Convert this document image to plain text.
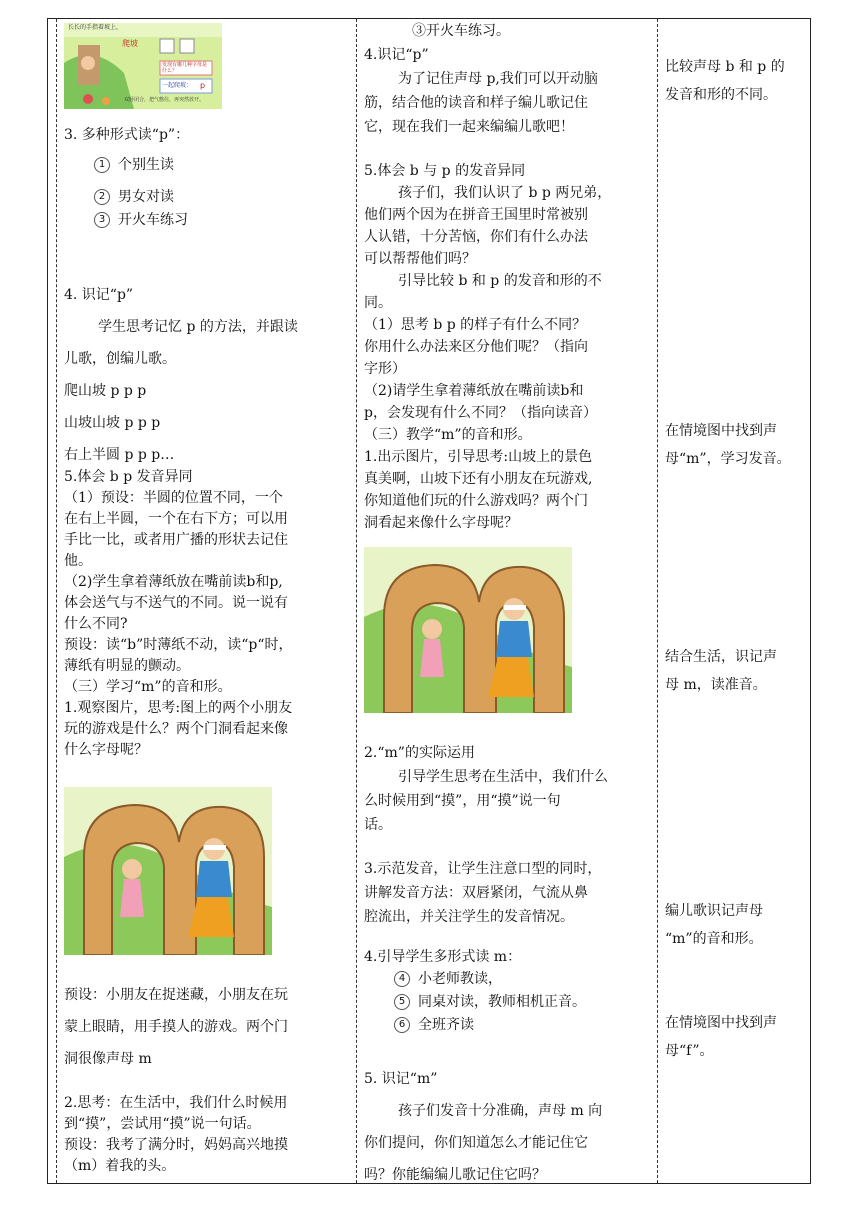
长长的手指着坡上，
爬坡
发现有哪几种字母是什么？
一起爬坡： p
双唇闭合，把气憋住，再突然放开。
3. 多种形式读“p”：
1 个别生读
2 男女对读
3 开火车练习
4. 识记“p”
学生思考记忆 p 的方法，并跟读
儿歌，创编儿歌。
爬山坡 p p p
山坡山坡 p p p
右上半圆 p p p…
5.体会 b p 发音异同
（1）预设：半圆的位置不同，一个
在右上半圆，一个在右下方；可以用
手比一比，或者用广播的形状去记住
他。
（2)学生拿着薄纸放在嘴前读b和p,
体会送气与不送气的不同。说一说有
什么不同?
预设：读“b”时薄纸不动，读“p“时，
薄纸有明显的颤动。
（三）学习“m”的音和形。
1.观察图片，思考:图上的两个小朋友
玩的游戏是什么？两个门洞看起来像
什么字母呢？
预设：小朋友在捉迷藏，小朋友在玩
蒙上眼睛，用手摸人的游戏。两个门
洞很像声母 m
2.思考：在生活中，我们什么时候用
到“摸”，尝试用“摸”说一句话。
预设：我考了满分时，妈妈高兴地摸
（m）着我的头。
③开火车练习。
4.识记“p”
为了记住声母 p,我们可以开动脑
筋，结合他的读音和样子编儿歌记住
它，现在我们一起来编编儿歌吧！
5.体会 b 与 p 的发音异同
孩子们，我们认识了 b p 两兄弟，
他们两个因为在拼音王国里时常被别
人认错，十分苦恼，你们有什么办法
可以帮帮他们吗？
引导比较 b 和 p 的发音和形的不
同。
（1）思考 b p 的样子有什么不同？
你用什么办法来区分他们呢？（指向
字形）
（2)请学生拿着薄纸放在嘴前读b和
p，会发现有什么不同？（指向读音）
（三）教学“m”的音和形。
1.出示图片，引导思考:山坡上的景色
真美啊，山坡下还有小朋友在玩游戏,
你知道他们玩的什么游戏吗？两个门
洞看起来像什么字母呢？
2.“m”的实际运用
引导学生思考在生活中，我们什么
么时候用到“摸”，用“摸”说一句
话。
3.示范发音，让学生注意口型的同时，
讲解发音方法：双唇紧闭，气流从鼻
腔流出，并关注学生的发音情况。
4.引导学生多形式读 m：
4 小老师教读，
5 同桌对读，教师相机正音。
6 全班齐读
5. 识记“m”
孩子们发音十分准确，声母 m 向
你们提问，你们知道怎么才能记住它
吗？你能编编儿歌记住它吗？
比较声母 b 和 p 的
发音和形的不同。
在情境图中找到声
母“m”，学习发音。
结合生活，识记声
母 m，读准音。
编儿歌识记声母
“m”的音和形。
在情境图中找到声
母“f”。
